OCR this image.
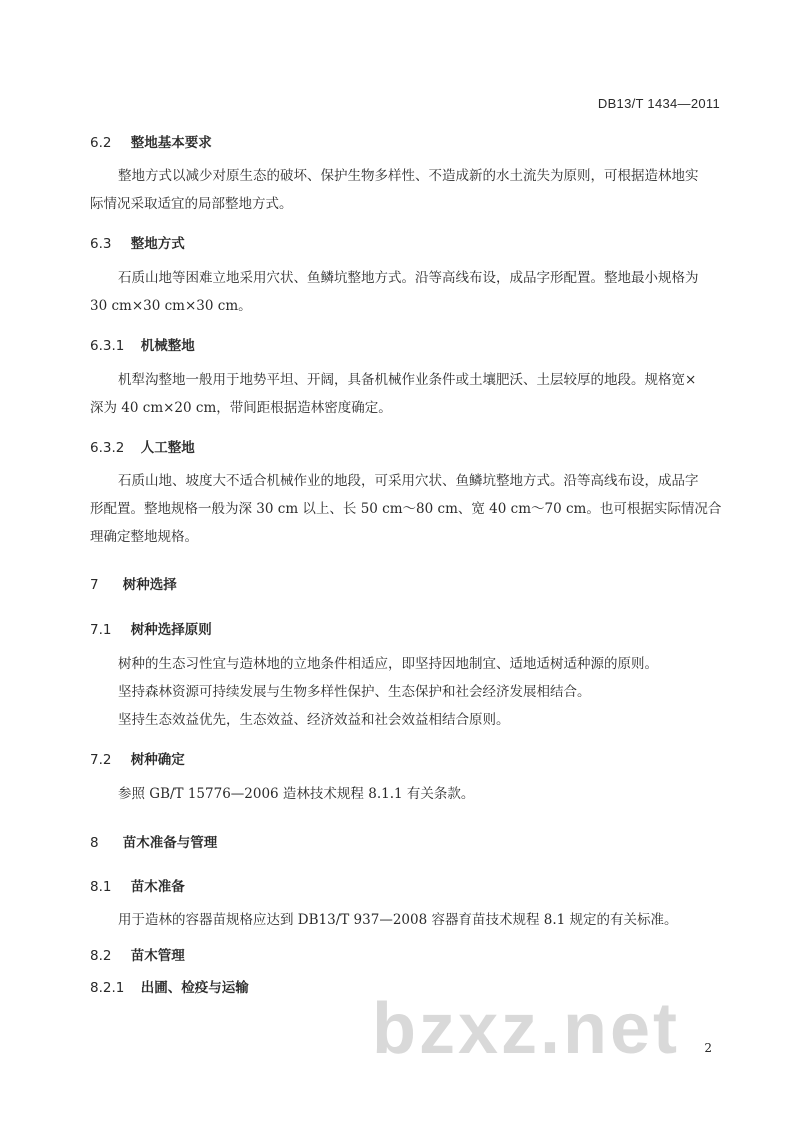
DB13/T 1434—2011
6.2 整地基本要求
整地方式以减少对原生态的破坏、保护生物多样性、不造成新的水土流失为原则，可根据造林地实
际情况采取适宜的局部整地方式。
6.3 整地方式
石质山地等困难立地采用穴状、鱼鳞坑整地方式。沿等高线布设，成品字形配置。整地最小规格为
30 cm×30 cm×30 cm。
6.3.1 机械整地
机犁沟整地一般用于地势平坦、开阔，具备机械作业条件或土壤肥沃、土层较厚的地段。规格宽×
深为 40 cm×20 cm，带间距根据造林密度确定。
6.3.2 人工整地
石质山地、坡度大不适合机械作业的地段，可采用穴状、鱼鳞坑整地方式。沿等高线布设，成品字
形配置。整地规格一般为深 30 cm 以上、长 50 cm～80 cm、宽 40 cm～70 cm。也可根据实际情况合
理确定整地规格。
7 树种选择
7.1 树种选择原则
树种的生态习性宜与造林地的立地条件相适应，即坚持因地制宜、适地适树适种源的原则。
坚持森林资源可持续发展与生物多样性保护、生态保护和社会经济发展相结合。
坚持生态效益优先，生态效益、经济效益和社会效益相结合原则。
7.2 树种确定
参照 GB/T 15776—2006 造林技术规程 8.1.1 有关条款。
8 苗木准备与管理
8.1 苗木准备
用于造林的容器苗规格应达到 DB13/T 937—2008 容器育苗技术规程 8.1 规定的有关标准。
8.2 苗木管理
8.2.1 出圃、检疫与运输
bzxz.net 2
